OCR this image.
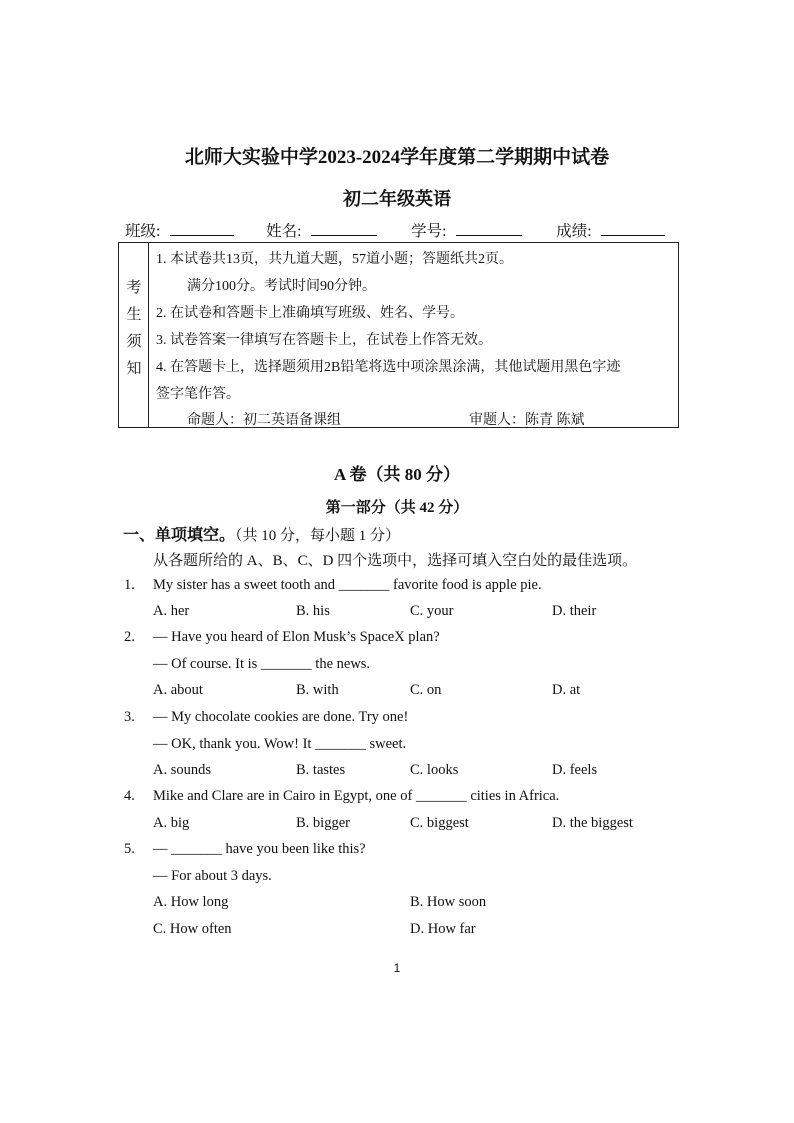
北师大实验中学2023-2024学年度第二学期期中试卷
初二年级英语
班级:	姓名:	学号:	成绩:
考
生
须
知
1. 本试卷共13页，共九道大题，57道小题；答题纸共2页。
满分100分。考试时间90分钟。
2. 在试卷和答题卡上准确填写班级、姓名、学号。
3. 试卷答案一律填写在答题卡上，在试卷上作答无效。
4. 在答题卡上，选择题须用2B铅笔将选中项涂黑涂满，其他试题用黑色字迹
签字笔作答。
命题人：初二英语备课组	审题人：陈青 陈斌
A 卷（共 80 分）
第一部分（共 42 分）
一、单项填空。（共 10 分，每小题 1 分）
从各题所给的 A、B、C、D 四个选项中，选择可填入空白处的最佳选项。
1. My sister has a sweet tooth and _______ favorite food is apple pie.
A. her	B. his	C. your	D. their
2. — Have you heard of Elon Musk’s SpaceX plan?
— Of course. It is _______ the news.
A. about	B. with	C. on	D. at
3. — My chocolate cookies are done. Try one!
— OK, thank you. Wow! It _______ sweet.
A. sounds	B. tastes	C. looks	D. feels
4. Mike and Clare are in Cairo in Egypt, one of _______ cities in Africa.
A. big	B. bigger	C. biggest	D. the biggest
5. — _______ have you been like this?
— For about 3 days.
A. How long	B. How soon
C. How often	D. How far
1
